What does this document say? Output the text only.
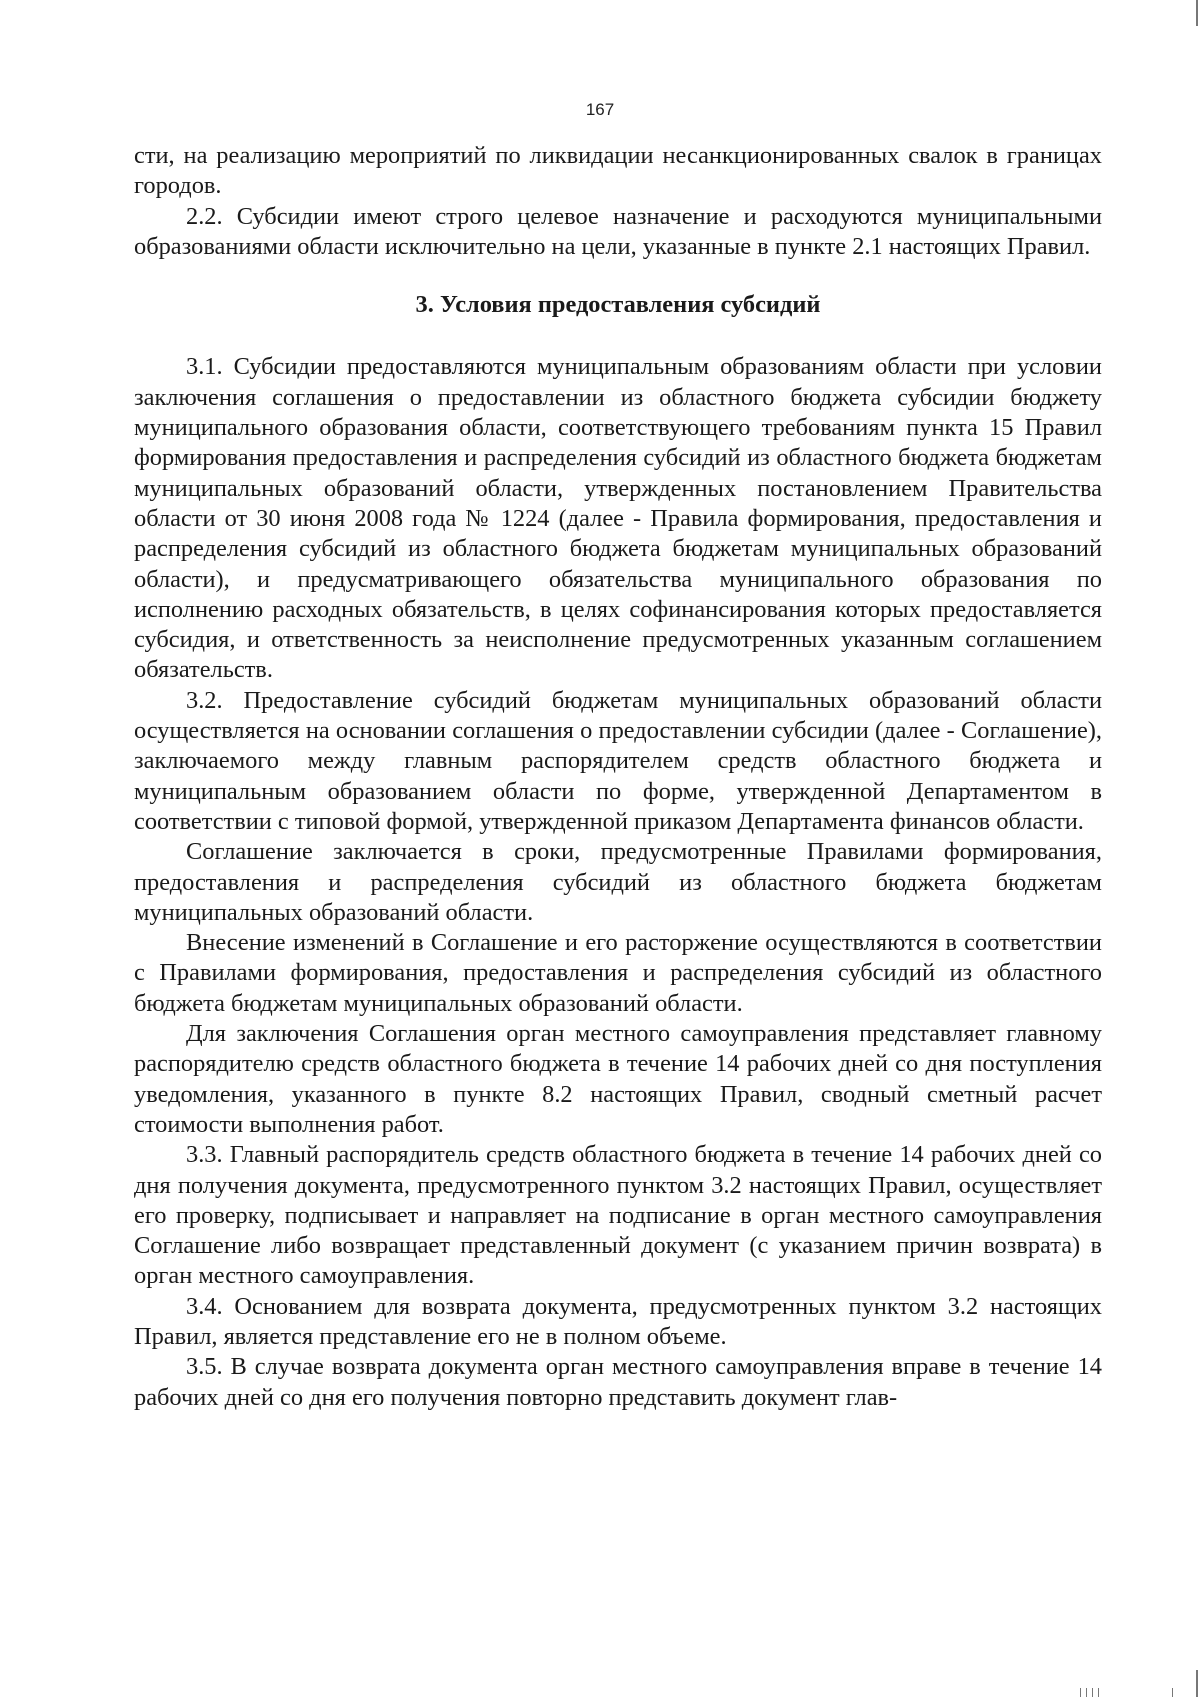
167

сти, на реализацию мероприятий по ликвидации несанкционированных свалок в границах городов.

2.2. Субсидии имеют строго целевое назначение и расходуются муниципальными образованиями области исключительно на цели, указанные в пункте 2.1 настоящих Правил.

3. Условия предоставления субсидий

3.1. Субсидии предоставляются муниципальным образованиям области при условии заключения соглашения о предоставлении из областного бюджета субсидии бюджету муниципального образования области, соответствующего требованиям пункта 15 Правил формирования предоставления и распределения субсидий из областного бюджета бюджетам муниципальных образований области, утвержденных постановлением Правительства области от 30 июня 2008 года № 1224 (далее - Правила формирования, предоставления и распределения субсидий из областного бюджета бюджетам муниципальных образований области), и предусматривающего обязательства муниципального образования по исполнению расходных обязательств, в целях софинансирования которых предоставляется субсидия, и ответственность за неисполнение предусмотренных указанным соглашением обязательств.

3.2. Предоставление субсидий бюджетам муниципальных образований области осуществляется на основании соглашения о предоставлении субсидии (далее - Соглашение), заключаемого между главным распорядителем средств областного бюджета и муниципальным образованием области по форме, утвержденной Департаментом в соответствии с типовой формой, утвержденной приказом Департамента финансов области.

Соглашение заключается в сроки, предусмотренные Правилами формирования, предоставления и распределения субсидий из областного бюджета бюджетам муниципальных образований области.

Внесение изменений в Соглашение и его расторжение осуществляются в соответствии с Правилами формирования, предоставления и распределения субсидий из областного бюджета бюджетам муниципальных образований области.

Для заключения Соглашения орган местного самоуправления представляет главному распорядителю средств областного бюджета в течение 14 рабочих дней со дня поступления уведомления, указанного в пункте 8.2 настоящих Правил, сводный сметный расчет стоимости выполнения работ.

3.3. Главный распорядитель средств областного бюджета в течение 14 рабочих дней со дня получения документа, предусмотренного пунктом 3.2 настоящих Правил, осуществляет его проверку, подписывает и направляет на подписание в орган местного самоуправления Соглашение либо возвращает представленный документ (с указанием причин возврата) в орган местного самоуправления.

3.4. Основанием для возврата документа, предусмотренных пунктом 3.2 настоящих Правил, является представление его не в полном объеме.

3.5. В случае возврата документа орган местного самоуправления вправе в течение 14 рабочих дней со дня его получения повторно представить документ глав-
